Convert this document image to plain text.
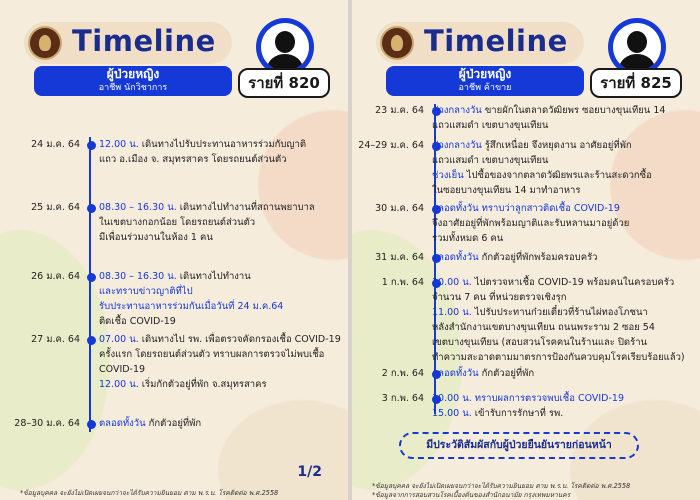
Timeline
ผู้ป่วยหญิง
อาชีพ นักวิชาการ	รายที่ 820
24 ม.ค. 64 12.00 น. เดินทางไปรับประทานอาหารร่วมกับญาติ
แถว อ.เมือง จ. สมุทรสาคร โดยรถยนต์ส่วนตัว
25 ม.ค. 64 08.30 – 16.30 น. เดินทางไปทำงานที่สถานพยาบาล
ในเขตบางกอกน้อย โดยรถยนต์ส่วนตัว
มีเพื่อนร่วมงานในห้อง 1 คน
26 ม.ค. 64 08.30 – 16.30 น. เดินทางไปทำงาน
และทราบข่าวญาติที่ไป
รับประทานอาหารร่วมกันเมื่อวันที่ 24 ม.ค.64
ติดเชื้อ COVID-19
27 ม.ค. 64 07.00 น. เดินทางไป รพ. เพื่อตรวจคัดกรองเชื้อ COVID-19
ครั้งแรก โดยรถยนต์ส่วนตัว ทราบผลการตรวจไม่พบเชื้อ
COVID-19
12.00 น. เริ่มกักตัวอยู่ที่พัก จ.สมุทรสาคร
28–30 ม.ค. 64 ตลอดทั้งวัน กักตัวอยู่ที่พัก
1/2
*ข้อมูลบุคคล จะยังไม่เปิดเผยจนกว่าจะได้รับความยินยอม ตาม พ.ร.บ. โรคติดต่อ พ.ศ.2558
Timeline
ผู้ป่วยหญิง
อาชีพ ค้าขาย	รายที่ 825
23 ม.ค. 64 ช่วงกลางวัน ขายผักในตลาดวัฒิยพร ซอยบางขุนเทียน 14
แถวแสมดำ เขตบางขุนเทียน
24–29 ม.ค. 64 ช่วงกลางวัน รู้สึกเหนื่อย จึงหยุดงาน อาศัยอยู่ที่พัก
แถวแสมดำ เขตบางขุนเทียน
ช่วงเย็น ไปซื้อของจากตลาดวัฒิยพรและร้านสะดวกซื้อ
ในซอยบางขุนเทียน 14 มาทำอาหาร
30 ม.ค. 64 ตลอดทั้งวัน ทราบว่าลูกสาวติดเชื้อ COVID-19
จึงอาศัยอยู่ที่พักพร้อมญาติและรับหลานมาอยู่ด้วย
รวมทั้งหมด 6 คน
31 ม.ค. 64 ตลอดทั้งวัน กักตัวอยู่ที่พักพร้อมครอบครัว
1 ก.พ. 64 10.00 น. ไปตรวจหาเชื้อ COVID-19 พร้อมคนในครอบครัว
จำนวน 7 คน ที่หน่วยตรวจเชิงรุก
11.00 น. ไปรับประทานก๋วยเตี๋ยวที่ร้านไผ่ทองโภชนา
หลังสำนักงานเขตบางขุนเทียน ถนนพระราม 2 ซอย 54
เขตบางขุนเทียน (สอบสวนโรคคนในร้านและ ปิดร้าน
ทำความสะอาดตามมาตรการป้องกันควบคุมโรคเรียบร้อยแล้ว)
2 ก.พ. 64 ตลอดทั้งวัน กักตัวอยู่ที่พัก
3 ก.พ. 64 10.00 น. ทราบผลการตรวจพบเชื้อ COVID-19
15.00 น. เข้ารับการรักษาที่ รพ.
มีประวัติสัมผัสกับผู้ป่วยยืนยันรายก่อนหน้า
*ข้อมูลบุคคล จะยังไม่เปิดเผยจนกว่าจะได้รับความยินยอม ตาม พ.ร.บ. โรคติดต่อ พ.ศ.2558
*ข้อมูลจากการสอบสวนโรคเบื้องต้นของสำนักอนามัย กรุงเทพมหานคร
